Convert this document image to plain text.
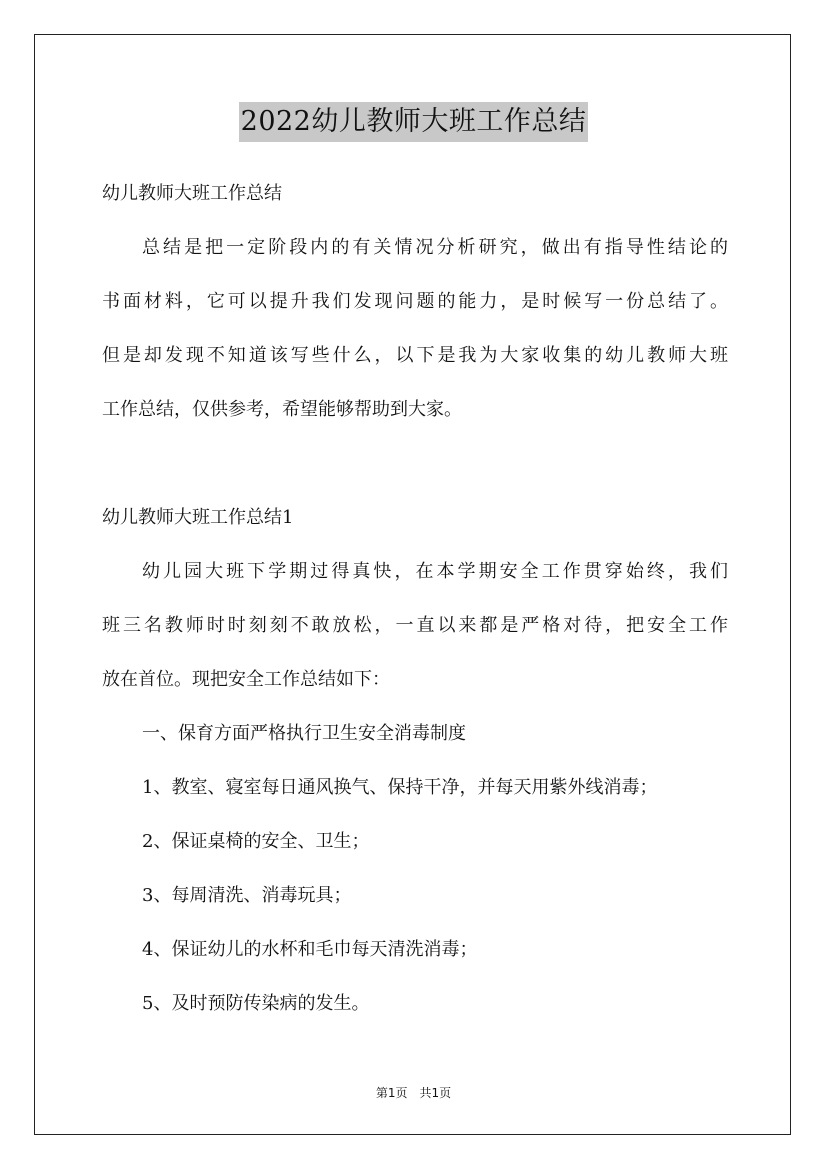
2022幼儿教师大班工作总结
幼儿教师大班工作总结
总结是把一定阶段内的有关情况分析研究，做出有指导性结论的
书面材料，它可以提升我们发现问题的能力，是时候写一份总结了。
但是却发现不知道该写些什么，以下是我为大家收集的幼儿教师大班
工作总结，仅供参考，希望能够帮助到大家。
幼儿教师大班工作总结1
幼儿园大班下学期过得真快，在本学期安全工作贯穿始终，我们
班三名教师时时刻刻不敢放松，一直以来都是严格对待，把安全工作
放在首位。现把安全工作总结如下：
一、保育方面严格执行卫生安全消毒制度
1、教室、寝室每日通风换气、保持干净，并每天用紫外线消毒；
2、保证桌椅的安全、卫生；
3、每周清洗、消毒玩具；
4、保证幼儿的水杯和毛巾每天清洗消毒；
5、及时预防传染病的发生。
第1页　共1页
